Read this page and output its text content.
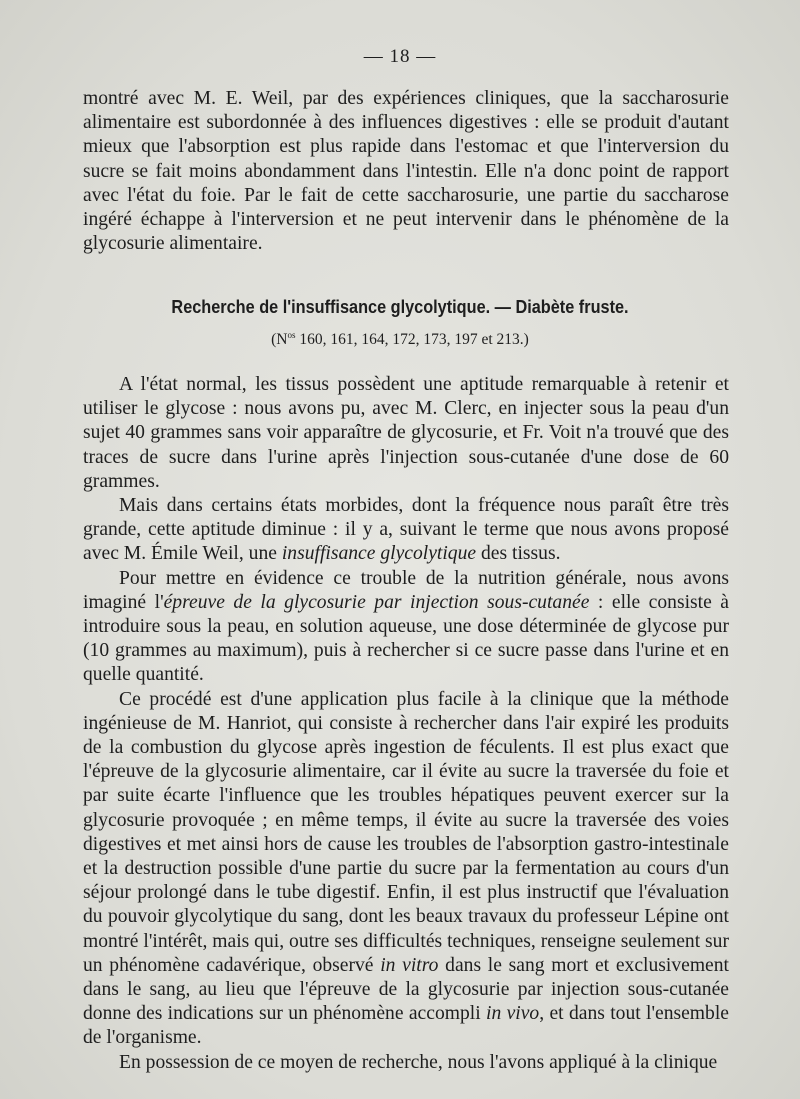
— 18 —

montré avec M. E. Weil, par des expériences cliniques, que la saccharosurie alimentaire est subordonnée à des influences digestives : elle se produit d'autant mieux que l'absorption est plus rapide dans l'estomac et que l'interversion du sucre se fait moins abondamment dans l'intestin. Elle n'a donc point de rapport avec l'état du foie. Par le fait de cette saccharosurie, une partie du saccharose ingéré échappe à l'interversion et ne peut intervenir dans le phénomène de la glycosurie alimentaire.

Recherche de l'insuffisance glycolytique. — Diabète fruste.
($N^{os}$ 160, 161, 164, 172, 173, 197 et 213.)

A l'état normal, les tissus possèdent une aptitude remarquable à retenir et utiliser le glycose : nous avons pu, avec M. Clerc, en injecter sous la peau d'un sujet 40 grammes sans voir apparaître de glycosurie, et Fr. Voit n'a trouvé que des traces de sucre dans l'urine après l'injection sous-cutanée d'une dose de 60 grammes.

Mais dans certains états morbides, dont la fréquence nous paraît être très grande, cette aptitude diminue : il y a, suivant le terme que nous avons proposé avec M. Émile Weil, une insuffisance glycolytique des tissus.

Pour mettre en évidence ce trouble de la nutrition générale, nous avons imaginé l'épreuve de la glycosurie par injection sous-cutanée : elle consiste à introduire sous la peau, en solution aqueuse, une dose déterminée de glycose pur (10 grammes au maximum), puis à rechercher si ce sucre passe dans l'urine et en quelle quantité.

Ce procédé est d'une application plus facile à la clinique que la méthode ingénieuse de M. Hanriot, qui consiste à rechercher dans l'air expiré les produits de la combustion du glycose après ingestion de féculents. Il est plus exact que l'épreuve de la glycosurie alimentaire, car il évite au sucre la traversée du foie et par suite écarte l'influence que les troubles hépatiques peuvent exercer sur la glycosurie provoquée ; en même temps, il évite au sucre la traversée des voies digestives et met ainsi hors de cause les troubles de l'absorption gastro-intestinale et la destruction possible d'une partie du sucre par la fermentation au cours d'un séjour prolongé dans le tube digestif. Enfin, il est plus instructif que l'évaluation du pouvoir glycolytique du sang, dont les beaux travaux du professeur Lépine ont montré l'intérêt, mais qui, outre ses difficultés techniques, renseigne seulement sur un phénomène cadavérique, observé in vitro dans le sang mort et exclusivement dans le sang, au lieu que l'épreuve de la glycosurie par injection sous-cutanée donne des indications sur un phénomène accompli in vivo, et dans tout l'ensemble de l'organisme.

En possession de ce moyen de recherche, nous l'avons appliqué à la clinique
